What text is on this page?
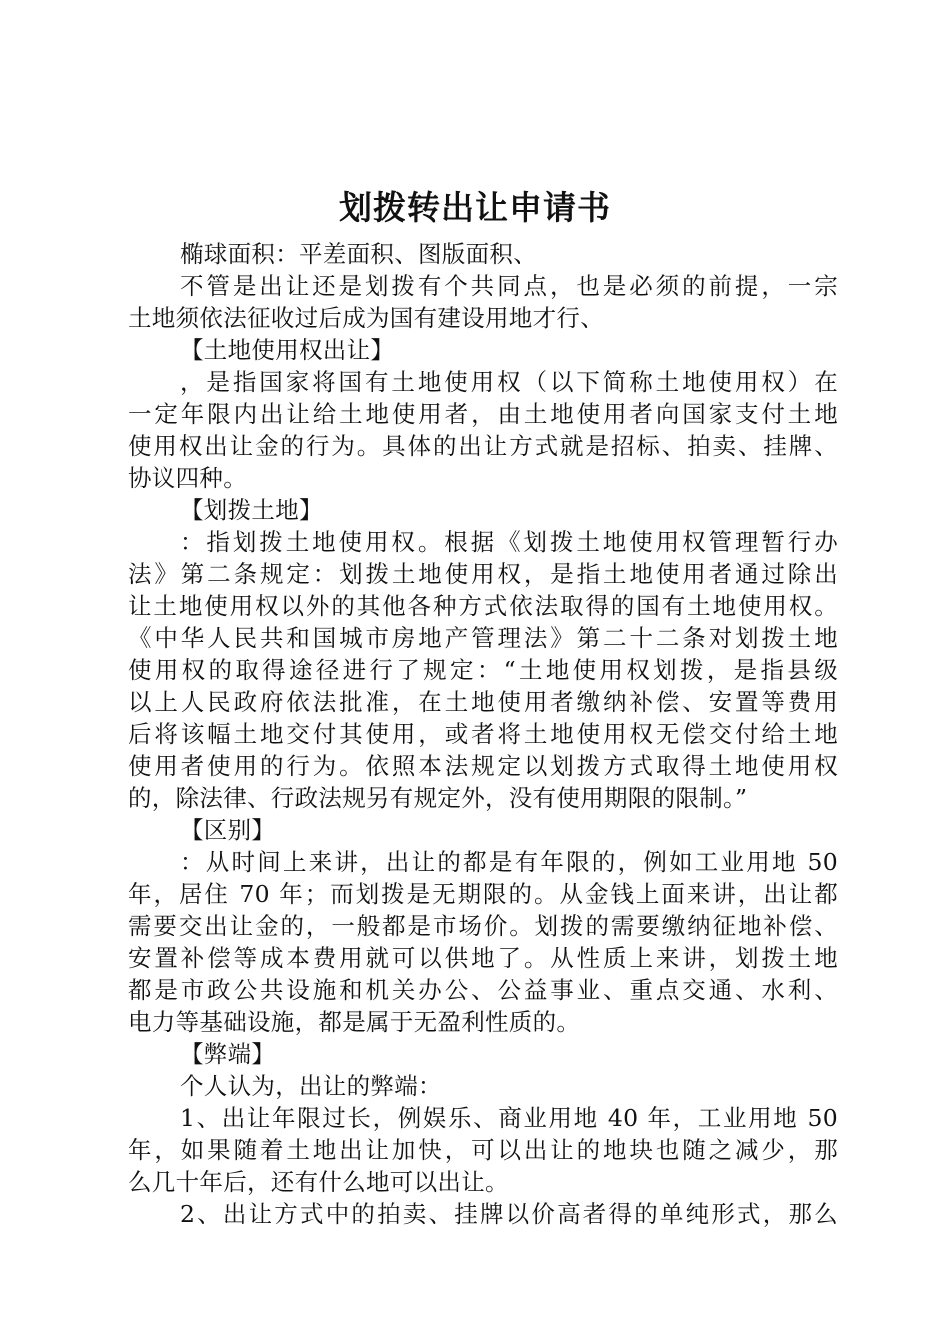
划拨转出让申请书
椭球面积：平差面积、图版面积、
不管是出让还是划拨有个共同点，也是必须的前提，一宗
土地须依法征收过后成为国有建设用地才行、
【土地使用权出让】
，是指国家将国有土地使用权（以下简称土地使用权）在
一定年限内出让给土地使用者，由土地使用者向国家支付土地
使用权出让金的行为。具体的出让方式就是招标、拍卖、挂牌、
协议四种。
【划拨土地】
：指划拨土地使用权。根据《划拨土地使用权管理暂行办
法》第二条规定：划拨土地使用权，是指土地使用者通过除出
让土地使用权以外的其他各种方式依法取得的国有土地使用权。
《中华人民共和国城市房地产管理法》第二十二条对划拨土地
使用权的取得途径进行了规定：“土地使用权划拨，是指县级
以上人民政府依法批准，在土地使用者缴纳补偿、安置等费用
后将该幅土地交付其使用，或者将土地使用权无偿交付给土地
使用者使用的行为。依照本法规定以划拨方式取得土地使用权
的，除法律、行政法规另有规定外，没有使用期限的限制。”
【区别】
：从时间上来讲，出让的都是有年限的，例如工业用地 50
年，居住 70 年；而划拨是无期限的。从金钱上面来讲，出让都
需要交出让金的，一般都是市场价。划拨的需要缴纳征地补偿、
安置补偿等成本费用就可以供地了。从性质上来讲，划拨土地
都是市政公共设施和机关办公、公益事业、重点交通、水利、
电力等基础设施，都是属于无盈利性质的。
【弊端】
个人认为，出让的弊端：
1、出让年限过长，例娱乐、商业用地 40 年，工业用地 50
年，如果随着土地出让加快，可以出让的地块也随之减少，那
么几十年后，还有什么地可以出让。
2、出让方式中的拍卖、挂牌以价高者得的单纯形式，那么
